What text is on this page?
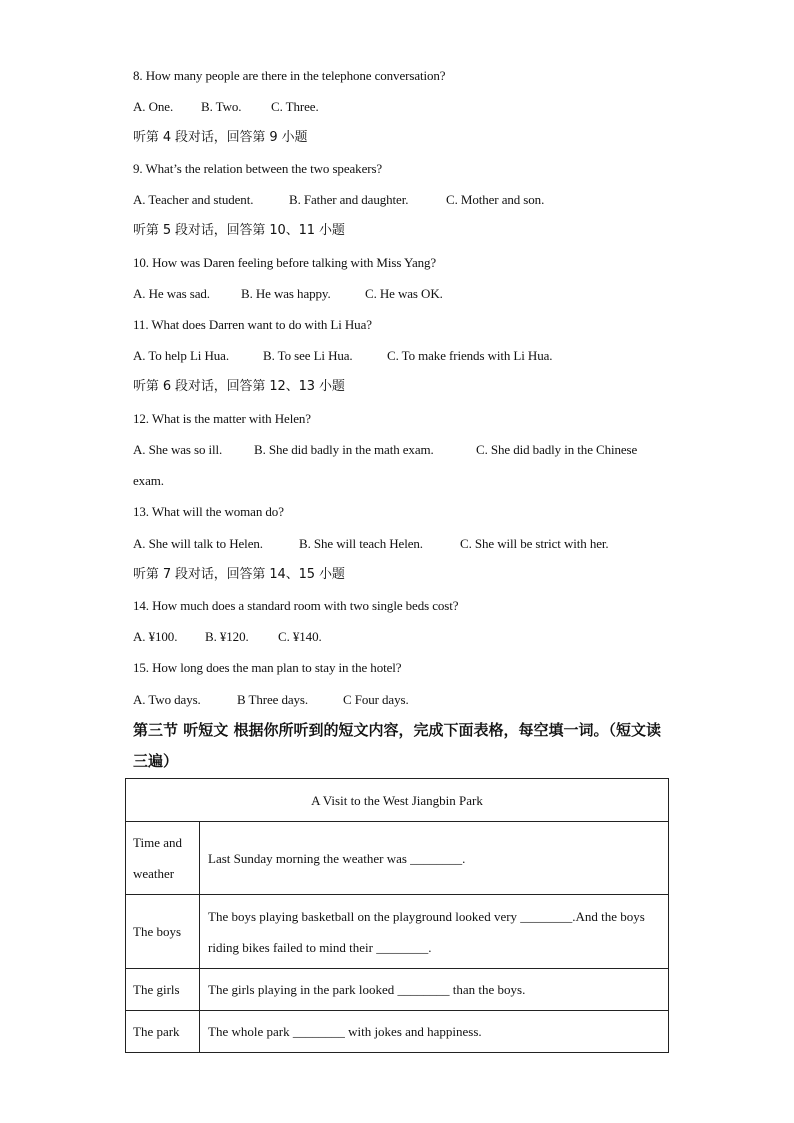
8. How many people are there in the telephone conversation?
A. One. B. Two. C. Three.
听第 4 段对话，回答第 9 小题
9. What’s the relation between the two speakers?
A. Teacher and student.	B. Father and daughter.	C. Mother and son.
听第 5 段对话，回答第 10、11 小题
10. How was Daren feeling before talking with Miss Yang?
A. He was sad. B. He was happy.	C. He was OK.
11. What does Darren want to do with Li Hua?
A. To help Li Hua.	B. To see Li Hua.	C. To make friends with Li Hua.
听第 6 段对话，回答第 12、13 小题
12. What is the matter with Helen?
A. She was so ill. B. She did badly in the math exam.	C. She did badly in the Chinese
exam.
13. What will the woman do?
A. She will talk to Helen.	B. She will teach Helen.	C. She will be strict with her.
听第 7 段对话，回答第 14、15 小题
14. How much does a standard room with two single beds cost?
A. ¥100. B. ¥120. C. ¥140.
15. How long does the man plan to stay in the hotel?
A. Two days.	B Three days.	C Four days.
第三节 听短文 根据你所听到的短文内容，完成下面表格，每空填一词。（短文读三遍）
A Visit to the West Jiangbin Park	
Time and weather	Last Sunday morning the weather was ________.
The boys	The boys playing basketball on the playground looked very ________.And the boys riding bikes failed to mind their ________.
The girls	The girls playing in the park looked ________ than the boys.
The park	The whole park ________ with jokes and happiness.
